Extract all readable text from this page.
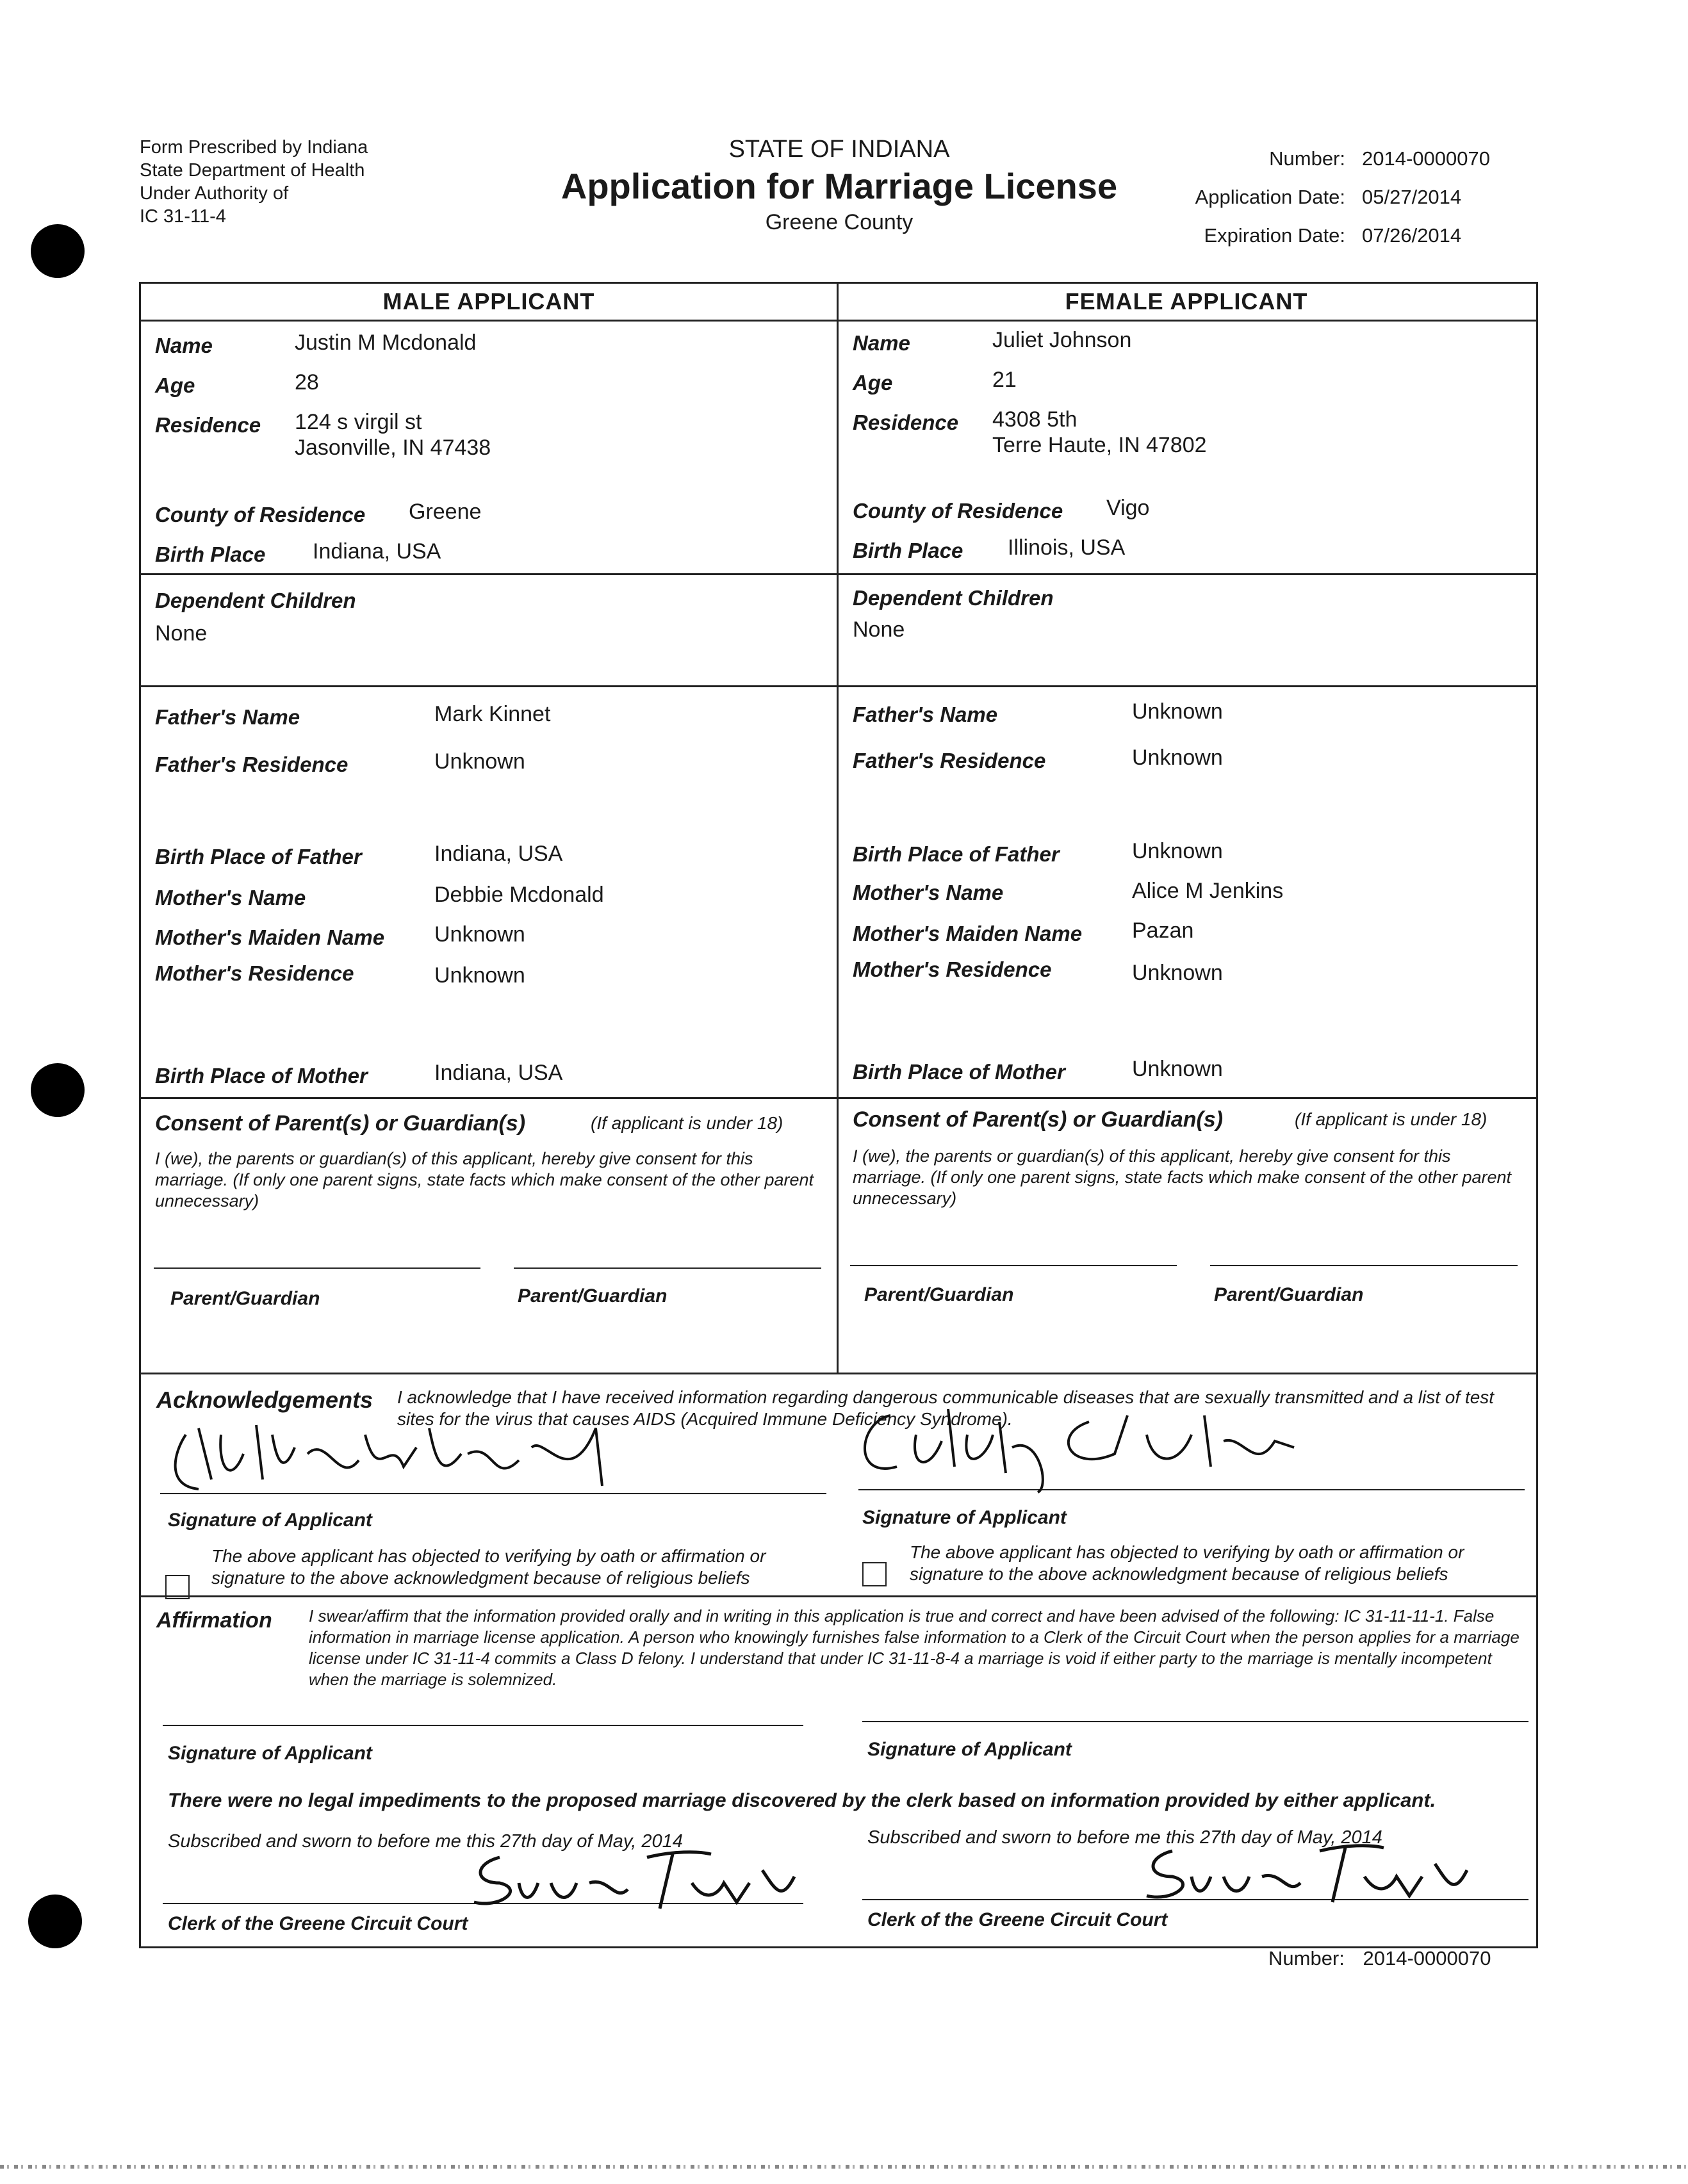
Form Prescribed by Indiana
State Department of Health
Under Authority of
IC 31-11-4
STATE OF INDIANA
Application for Marriage License
Greene County
Number: 2014-0000070
Application Date: 05/27/2014
Expiration Date: 07/26/2014
MALE APPLICANT
Name	Justin M Mcdonald
Age	28
Residence 124 s virgil st
Jasonville, IN 47438
County of Residence Greene
Birth Place Indiana, USA
Dependent Children
None
Father's Name	Mark Kinnet
Father's Residence	Unknown
Birth Place of Father	Indiana, USA
Mother's Name	Debbie Mcdonald
Mother's Maiden Name Unknown
Mother's Residence	Unknown
Birth Place of Mother	Indiana, USA
Consent of Parent(s) or Guardian(s)	(If applicant is under 18)
I (we), the parents or guardian(s) of this applicant, hereby give consent for this marriage. (If only one parent signs, state facts which make consent of the other parent unnecessary)
Parent/Guardian	Parent/Guardian
FEMALE APPLICANT
Name	Juliet Johnson
Age	21
Residence 4308 5th
Terre Haute, IN 47802
County of Residence Vigo
Birth Place Illinois, USA
Dependent Children
None
Father's Name	Unknown
Father's Residence	Unknown
Birth Place of Father	Unknown
Mother's Name	Alice M Jenkins
Mother's Maiden Name Pazan
Mother's Residence	Unknown
Birth Place of Mother	Unknown
Consent of Parent(s) or Guardian(s)	(If applicant is under 18)
I (we), the parents or guardian(s) of this applicant, hereby give consent for this marriage. (If only one parent signs, state facts which make consent of the other parent unnecessary)
Parent/Guardian	Parent/Guardian
Acknowledgements I acknowledge that I have received information regarding dangerous communicable diseases that are sexually transmitted and a list of test sites for the virus that causes AIDS (Acquired Immune Deficiency Syndrome).
Signature of Applicant	Signature of Applicant
The above applicant has objected to verifying by oath or affirmation or signature to the above acknowledgment because of religious beliefs
The above applicant has objected to verifying by oath or affirmation or signature to the above acknowledgment because of religious beliefs
Affirmation I swear/affirm that the information provided orally and in writing in this application is true and correct and have been advised of the following: IC 31-11-11-1. False information in marriage license application. A person who knowingly furnishes false information to a Clerk of the Circuit Court when the person applies for a marriage license under IC 31-11-4 commits a Class D felony. I understand that under IC 31-11-8-4 a marriage is void if either party to the marriage is mentally incompetent when the marriage is solemnized.
Signature of Applicant	Signature of Applicant
There were no legal impediments to the proposed marriage discovered by the clerk based on information provided by either applicant.
Subscribed and sworn to before me this 27th day of May, 2014	Subscribed and sworn to before me this 27th day of May, 2014
Clerk of the Greene Circuit Court	Clerk of the Greene Circuit Court
Number: 2014-0000070
